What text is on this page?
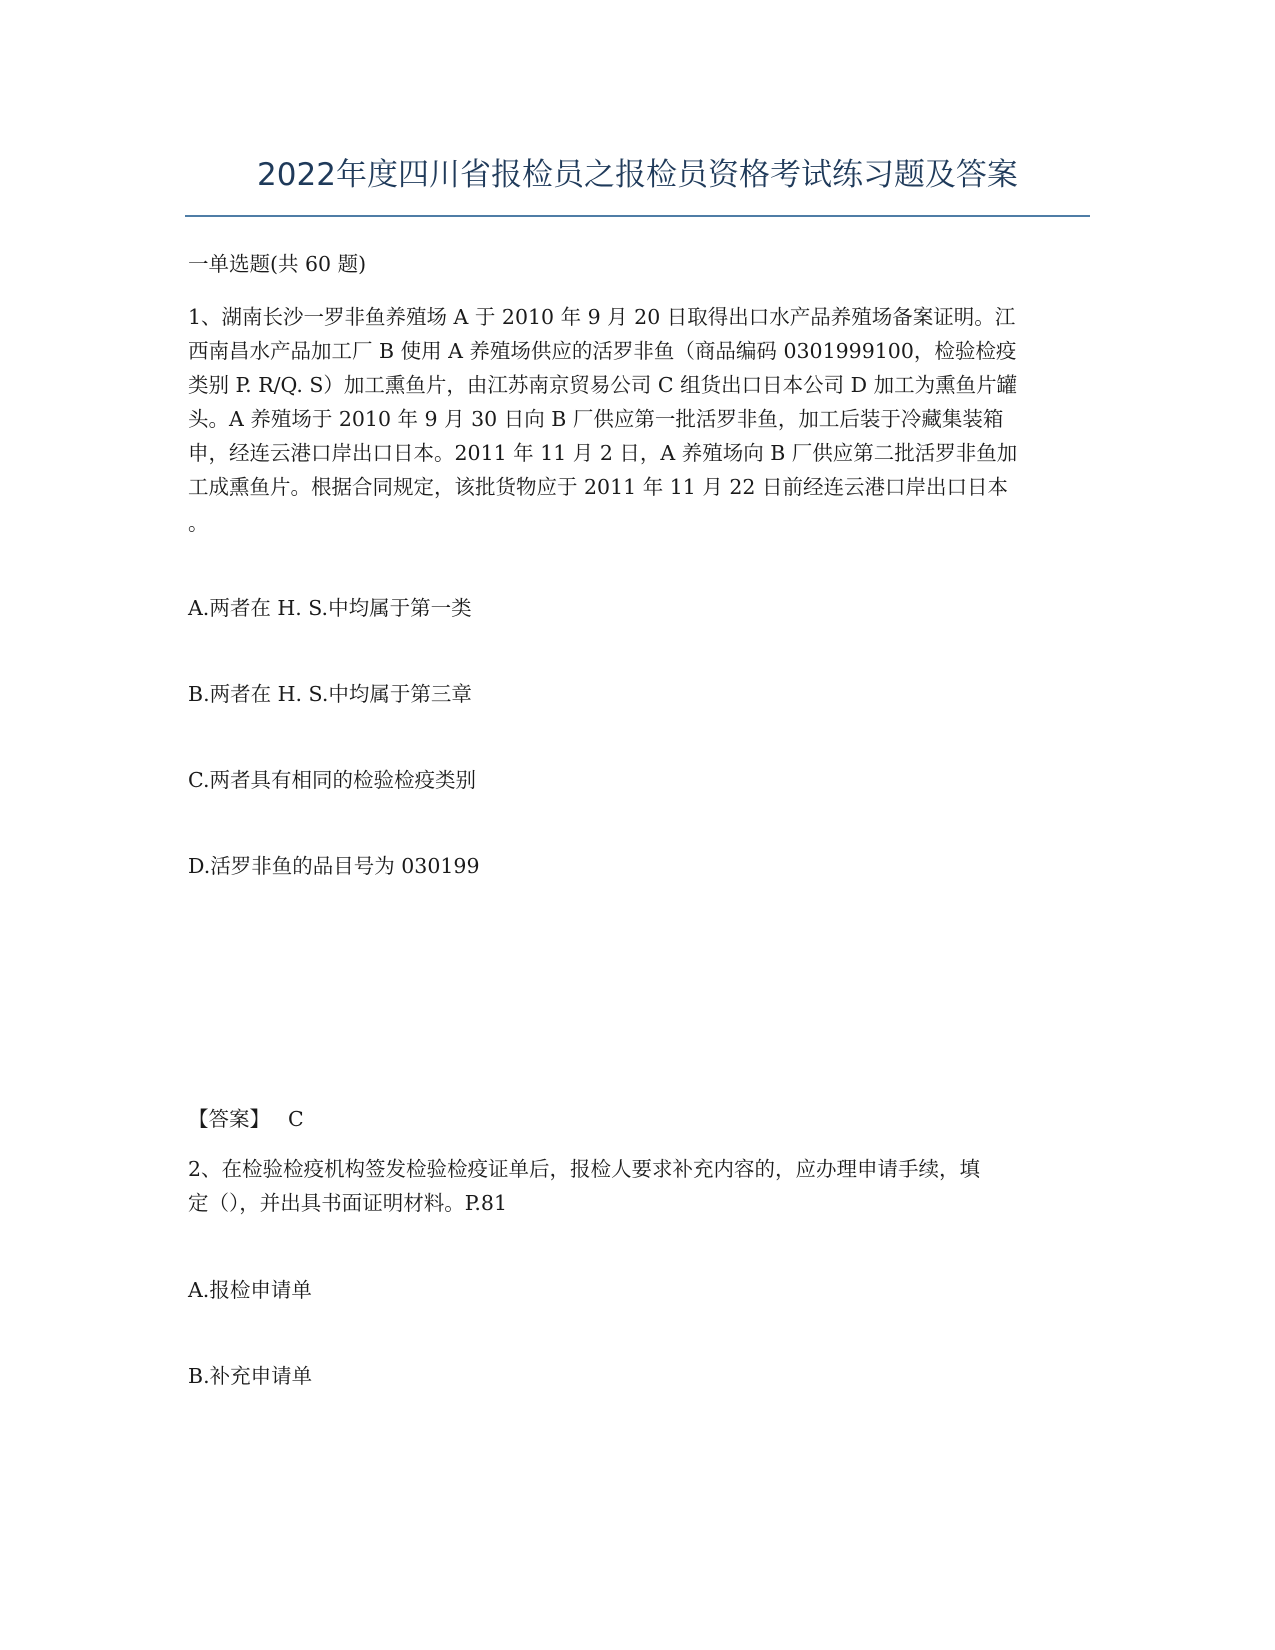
2022年度四川省报检员之报检员资格考试练习题及答案
一单选题(共 60 题)
1、湖南长沙一罗非鱼养殖场 A 于 2010 年 9 月 20 日取得出口水产品养殖场备案证明。江
西南昌水产品加工厂 B 使用 A 养殖场供应的活罗非鱼（商品编码 0301999100，检验检疫
类别 P. R/Q. S）加工熏鱼片，由江苏南京贸易公司 C 组货出口日本公司 D 加工为熏鱼片罐
头。A 养殖场于 2010 年 9 月 30 日向 B 厂供应第一批活罗非鱼，加工后装于冷藏集装箱
申，经连云港口岸出口日本。2011 年 11 月 2 日，A 养殖场向 B 厂供应第二批活罗非鱼加
工成熏鱼片。根据合同规定，该批货物应于 2011 年 11 月 22 日前经连云港口岸出口日本
。
A.两者在 H. S.中均属于第一类
B.两者在 H. S.中均属于第三章
C.两者具有相同的检验检疫类别
D.活罗非鱼的品目号为 030199
【答案】 C
2、在检验检疫机构签发检验检疫证单后，报检人要求补充内容的，应办理申请手续，填
定（），并出具书面证明材料。P.81
A.报检申请单
B.补充申请单
